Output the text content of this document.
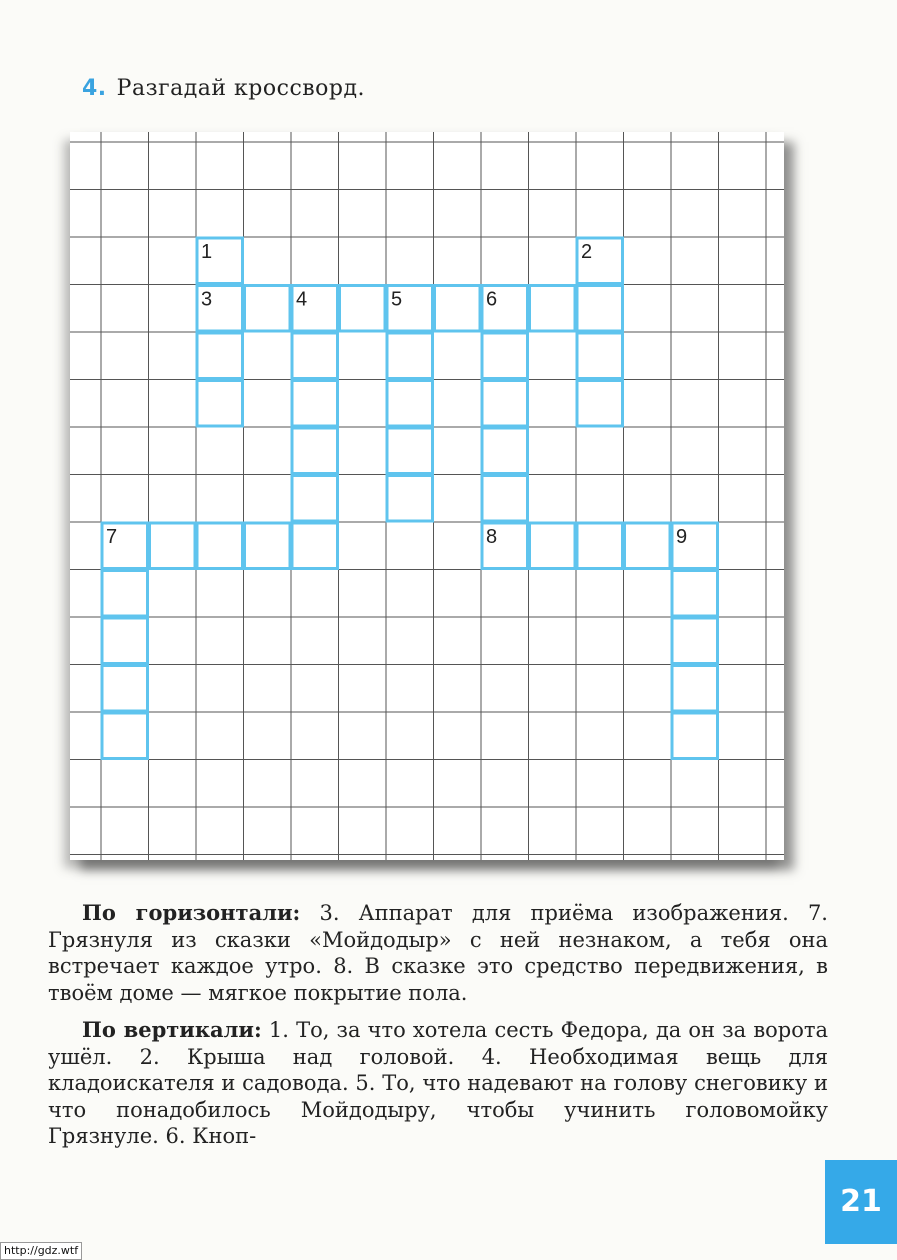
4. Разгадай кроссворд.
1	2
3	4	5	6
7	8	9

По горизонтали: 3. Аппарат для приёма изображения. 7. Грязнуля из сказки «Мойдодыр» с ней незнаком, а тебя она встречает каждое утро. 8. В сказке это средство передвижения, в твоём доме — мягкое покрытие пола.

По вертикали: 1. То, за что хотела сесть Федора, да он за ворота ушёл. 2. Крыша над головой. 4. Необходимая вещь для кладоискателя и садовода. 5. То, что надевают на голову снеговику и что понадобилось Мойдодыру, чтобы учинить головомойку Грязнуле. 6. Кноп-

21
http://gdz.wtf
